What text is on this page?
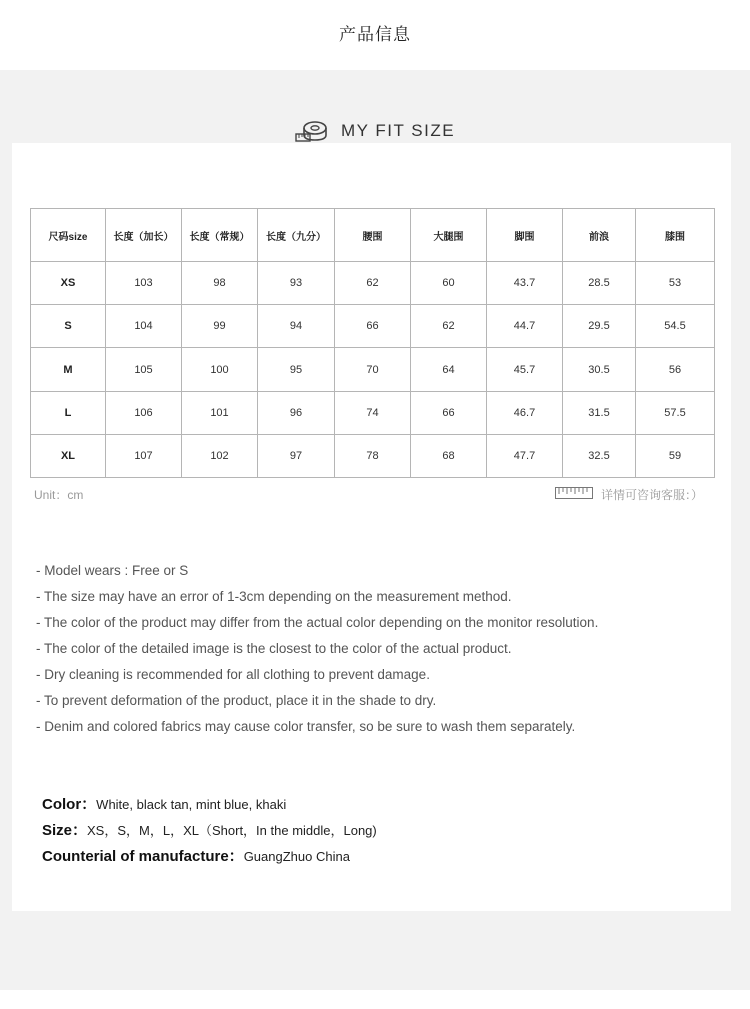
产品信息
MY FIT SIZE
尺码size	长度（加长）	长度（常规）	长度（九分）	腰围	大腿围	脚围	前浪	膝围
XS	103	98	93	62	60	43.7	28.5	53
S	104	99	94	66	62	44.7	29.5	54.5
M	105	100	95	70	64	45.7	30.5	56
L	106	101	96	74	66	46.7	31.5	57.5
XL	107	102	97	78	68	47.7	32.5	59
Unit：cm	详情可咨询客服：）
- Model wears : Free or S
- The size may have an error of 1-3cm depending on the measurement method.
- The color of the product may differ from the actual color depending on the monitor resolution.
- The color of the detailed image is the closest to the color of the actual product.
- Dry cleaning is recommended for all clothing to prevent damage.
- To prevent deformation of the product, place it in the shade to dry.
- Denim and colored fabrics may cause color transfer, so be sure to wash them separately.
Color：White, black tan, mint blue, khaki
Size：XS，S，M，L，XL（Short，In the middle，Long)
Counterial of manufacture：GuangZhuo China
